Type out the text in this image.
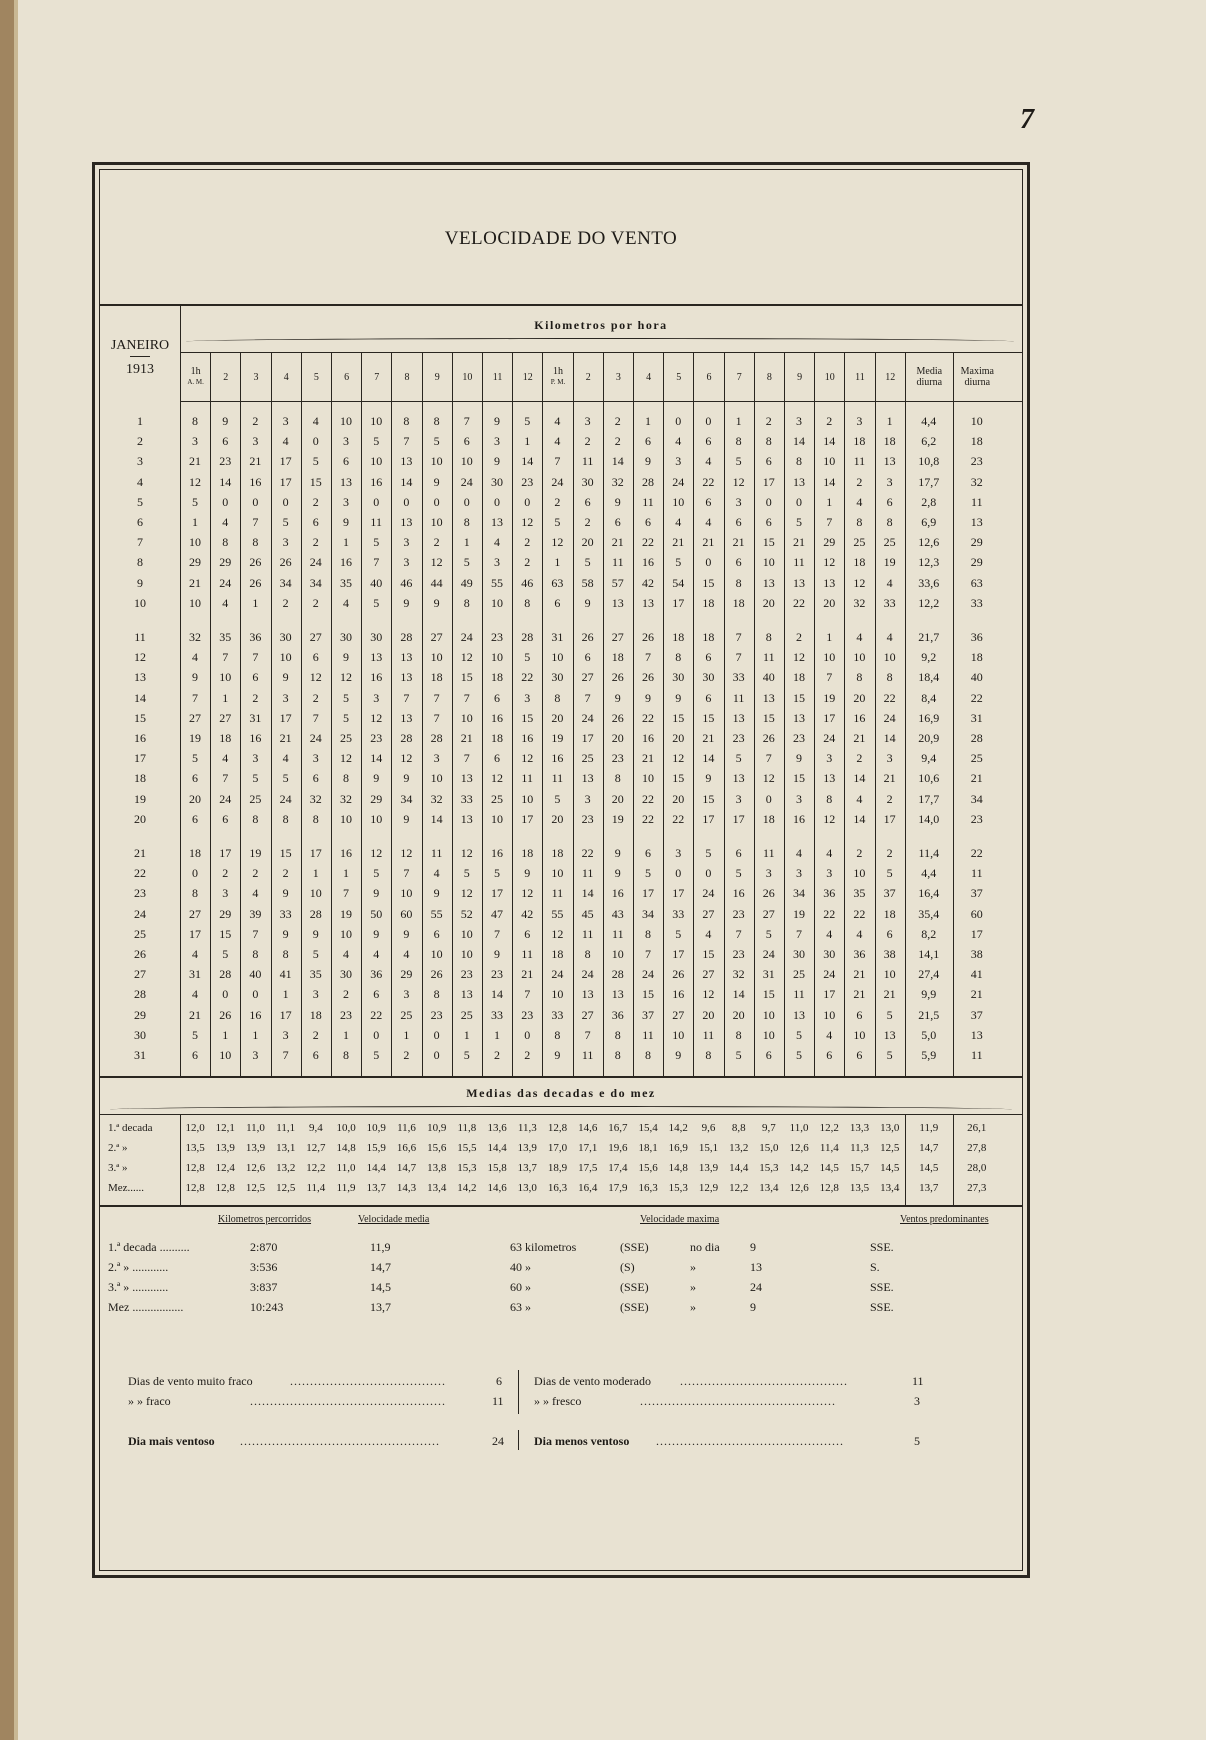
7
VELOCIDADE DO VENTO
JANEIRO
1913
Kilometros por hora
1h
A. M. 2	3	4	5	6	7	8	9 10 11 12 1h
P. M. 2	3	4	5	6	7	8	9 10 11 12	Media diurna
Maxima diurna
1	8	9	2	3	4	10	10	8	8	7	9	5	4	3	2	1	0	0	1	2	3	2	3	1	4,4	10
2	3	6	3	4	0	3	5	7	5	6	3	1	4	2	2	6	4	6	8	8	14	14	18	18	6,2	18
3	21	23	21	17	5	6	10	13	10	10	9	14	7	11	14	9	3	4	5	6	8	10	11	13	10,8	23
4	12	14	16	17	15	13	16	14	9	24	30	23	24	30	32	28	24	22	12	17	13	14	2	3	17,7	32
5	5	0	0	0	2	3	0	0	0	0	0	0	2	6	9	11	10	6	3	0	0	1	4	6	2,8	11
6	1	4	7	5	6	9	11	13	10	8	13	12	5	2	6	6	4	4	6	6	5	7	8	8	6,9	13
7	10	8	8	3	2	1	5	3	2	1	4	2	12	20	21	22	21	21	21	15	21	29	25	25	12,6	29
8	29	29	26	26	24	16	7	3	12	5	3	2	1	5	11	16	5	0	6	10	11	12	18	19	12,3	29
9	21	24	26	34	34	35	40	46	44	49	55	46	63	58	57	42	54	15	8	13	13	13	12	4	33,6	63
10	10	4	1	2	2	4	5	9	9	8	10	8	6	9	13	13	17	18	18	20	22	20	32	33	12,2	33
11	32	35	36	30	27	30	30	28	27	24	23	28	31	26	27	26	18	18	7	8	2	1	4	4	21,7	36
12	4	7	7	10	6	9	13	13	10	12	10	5	10	6	18	7	8	6	7	11	12	10	10	10	9,2	18
13	9	10	6	9	12	12	16	13	18	15	18	22	30	27	26	26	30	30	33	40	18	7	8	8	18,4	40
14	7	1	2	3	2	5	3	7	7	7	6	3	8	7	9	9	9	6	11	13	15	19	20	22	8,4	22
15	27	27	31	17	7	5	12	13	7	10	16	15	20	24	26	22	15	15	13	15	13	17	16	24	16,9	31
16	19	18	16	21	24	25	23	28	28	21	18	16	19	17	20	16	20	21	23	26	23	24	21	14	20,9	28
17	5	4	3	4	3	12	14	12	3	7	6	12	16	25	23	21	12	14	5	7	9	3	2	3	9,4	25
18	6	7	5	5	6	8	9	9	10	13	12	11	11	13	8	10	15	9	13	12	15	13	14	21	10,6	21
19	20	24	25	24	32	32	29	34	32	33	25	10	5	3	20	22	20	15	3	0	3	8	4	2	17,7	34
20	6	6	8	8	8	10	10	9	14	13	10	17	20	23	19	22	22	17	17	18	16	12	14	17	14,0	23
21	18	17	19	15	17	16	12	12	11	12	16	18	18	22	9	6	3	5	6	11	4	4	2	2	11,4	22
22	0	2	2	2	1	1	5	7	4	5	5	9	10	11	9	5	0	0	5	3	3	3	10	5	4,4	11
23	8	3	4	9	10	7	9	10	9	12	17	12	11	14	16	17	17	24	16	26	34	36	35	37	16,4	37
24	27	29	39	33	28	19	50	60	55	52	47	42	55	45	43	34	33	27	23	27	19	22	22	18	35,4	60
25	17	15	7	9	9	10	9	9	6	10	7	6	12	11	11	8	5	4	7	5	7	4	4	6	8,2	17
26	4	5	8	8	5	4	4	4	10	10	9	11	18	8	10	7	17	15	23	24	30	30	36	38	14,1	38
27	31	28	40	41	35	30	36	29	26	23	23	21	24	24	28	24	26	27	32	31	25	24	21	10	27,4	41
28	4	0	0	1	3	2	6	3	8	13	14	7	10	13	13	15	16	12	14	15	11	17	21	21	9,9	21
29	21	26	16	17	18	23	22	25	23	25	33	23	33	27	36	37	27	20	20	10	13	10	6	5	21,5	37
30	5	1	1	3	2	1	0	1	0	1	1	0	8	7	8	11	10	11	8	10	5	4	10	13	5,0	13
31	6	10	3	7	6	8	5	2	0	5	2	2	9	11	8	8	9	8	5	6	5	6	6	5	5,9	11
Medias das decadas e do mez
1.ª decada	12,0 12,1	11,0	11,1	9,4	10,0 10,9	11,6	10,9	11,8	13,6	11,3	12,8 14,6 16,7 15,4 14,2	9,6	8,8	9,7	11,0	12,2 13,3 13,0	11,9	26,1
2.ª »	13,5 13,9 13,9 13,1 12,7 14,8 15,9 16,6 15,6 15,5 14,4 13,9 17,0 17,1 19,6 18,1 16,9 15,1 13,2 15,0 12,6	11,4	11,3	12,5	14,7	27,8
3.ª »	12,8 12,4 12,6 13,2 12,2	11,0	14,4 14,7 13,8 15,3 15,8 13,7 18,9 17,5 17,4 15,6 14,8 13,9 14,4 15,3 14,2 14,5 15,7 14,5	14,5	28,0
Mez......	12,8 12,8 12,5 12,5	11,4	11,9	13,7 14,3 13,4 14,2 14,6 13,0 16,3 16,4 17,9 16,3 15,3 12,9 12,2 13,4 12,6 12,8 13,5 13,4	13,7	27,3
Kilometros percorridos	Velocidade media	Velocidade maxima	Ventos predominantes
1.ª decada ..........	2:870	11,9	63 kilometros	(SSE)	no dia	9	SSE.
2.ª » ............	3:536	14,7	40 »	(S)	»	13	S.
3.ª » ............	3:837	14,5	60 »	(SSE)	»	24	SSE.
Mez .................	10:243	13,7	63 »	(SSE)	»	9	SSE.
Dias de vento muito fraco	.......................................	6
» » fraco	.................................................	11
Dias de vento moderado ..........................................	11
» » fresco	.................................................	3
Dia mais ventoso ..................................................	24	Dia menos ventoso ...............................................	5
